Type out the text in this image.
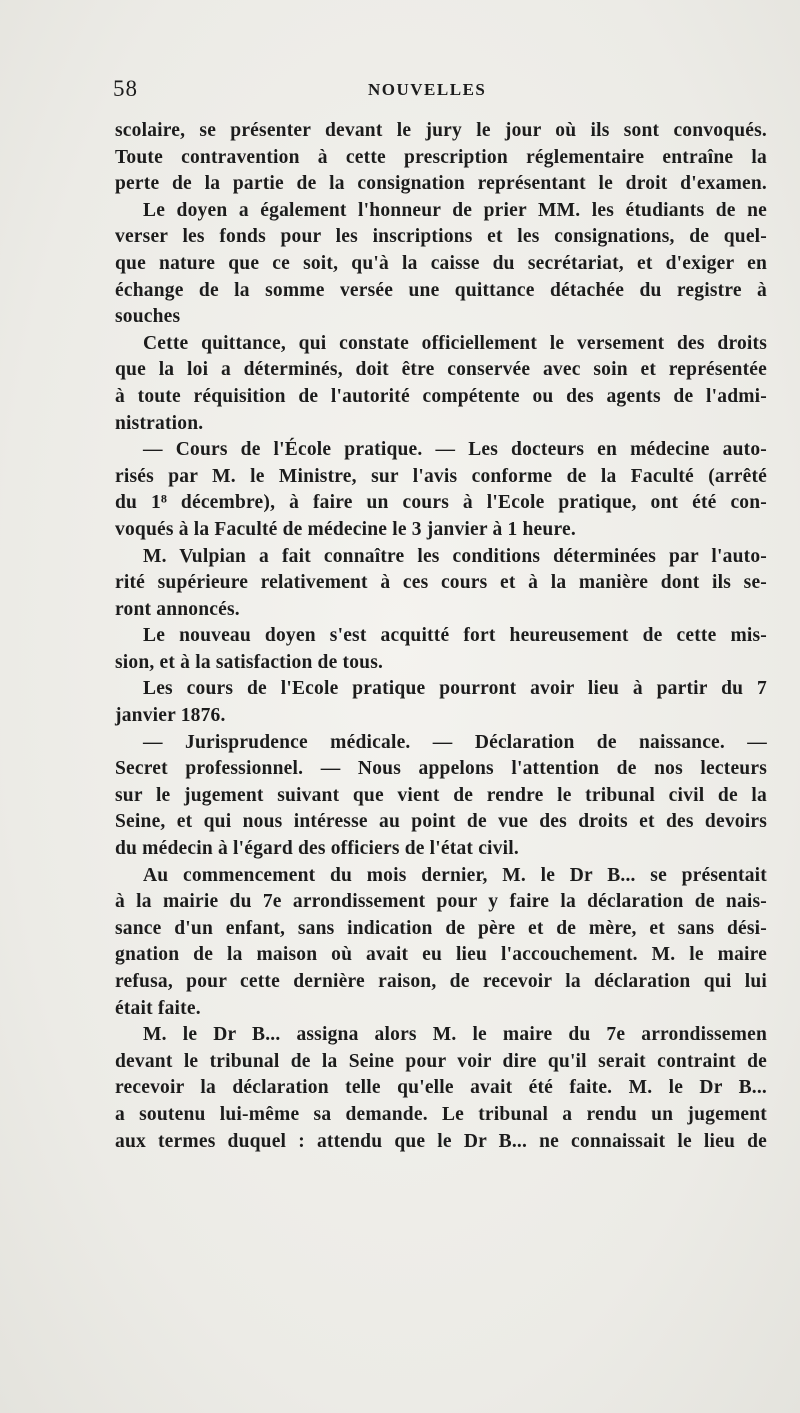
58	NOUVELLES
scolaire, se présenter devant le jury le jour où ils sont convoqués.
Toute contravention à cette prescription réglementaire entraîne la
perte de la partie de la consignation représentant le droit d'examen.
Le doyen a également l'honneur de prier MM. les étudiants de ne
verser les fonds pour les inscriptions et les consignations, de quel-
que nature que ce soit, qu'à la caisse du secrétariat, et d'exiger en
échange de la somme versée une quittance détachée du registre à
souches
Cette quittance, qui constate officiellement le versement des droits
que la loi a déterminés, doit être conservée avec soin et représentée
à toute réquisition de l'autorité compétente ou des agents de l'admi-
nistration.
— Cours de l'École pratique. — Les docteurs en médecine auto-
risés par M. le Ministre, sur l'avis conforme de la Faculté (arrêté
du 1⁸ décembre), à faire un cours à l'Ecole pratique, ont été con-
voqués à la Faculté de médecine le 3 janvier à 1 heure.
M. Vulpian a fait connaître les conditions déterminées par l'auto-
rité supérieure relativement à ces cours et à la manière dont ils se-
ront annoncés.
Le nouveau doyen s'est acquitté fort heureusement de cette mis-
sion, et à la satisfaction de tous.
Les cours de l'Ecole pratique pourront avoir lieu à partir du 7
janvier 1876.
— Jurisprudence médicale. — Déclaration de naissance. —
Secret professionnel. — Nous appelons l'attention de nos lecteurs
sur le jugement suivant que vient de rendre le tribunal civil de la
Seine, et qui nous intéresse au point de vue des droits et des devoirs
du médecin à l'égard des officiers de l'état civil.
Au commencement du mois dernier, M. le Dr B... se présentait
à la mairie du 7e arrondissement pour y faire la déclaration de nais-
sance d'un enfant, sans indication de père et de mère, et sans dési-
gnation de la maison où avait eu lieu l'accouchement. M. le maire
refusa, pour cette dernière raison, de recevoir la déclaration qui lui
était faite.
M. le Dr B... assigna alors M. le maire du 7e arrondissemen
devant le tribunal de la Seine pour voir dire qu'il serait contraint de
recevoir la déclaration telle qu'elle avait été faite. M. le Dr B...
a soutenu lui-même sa demande. Le tribunal a rendu un jugement
aux termes duquel : attendu que le Dr B... ne connaissait le lieu de
